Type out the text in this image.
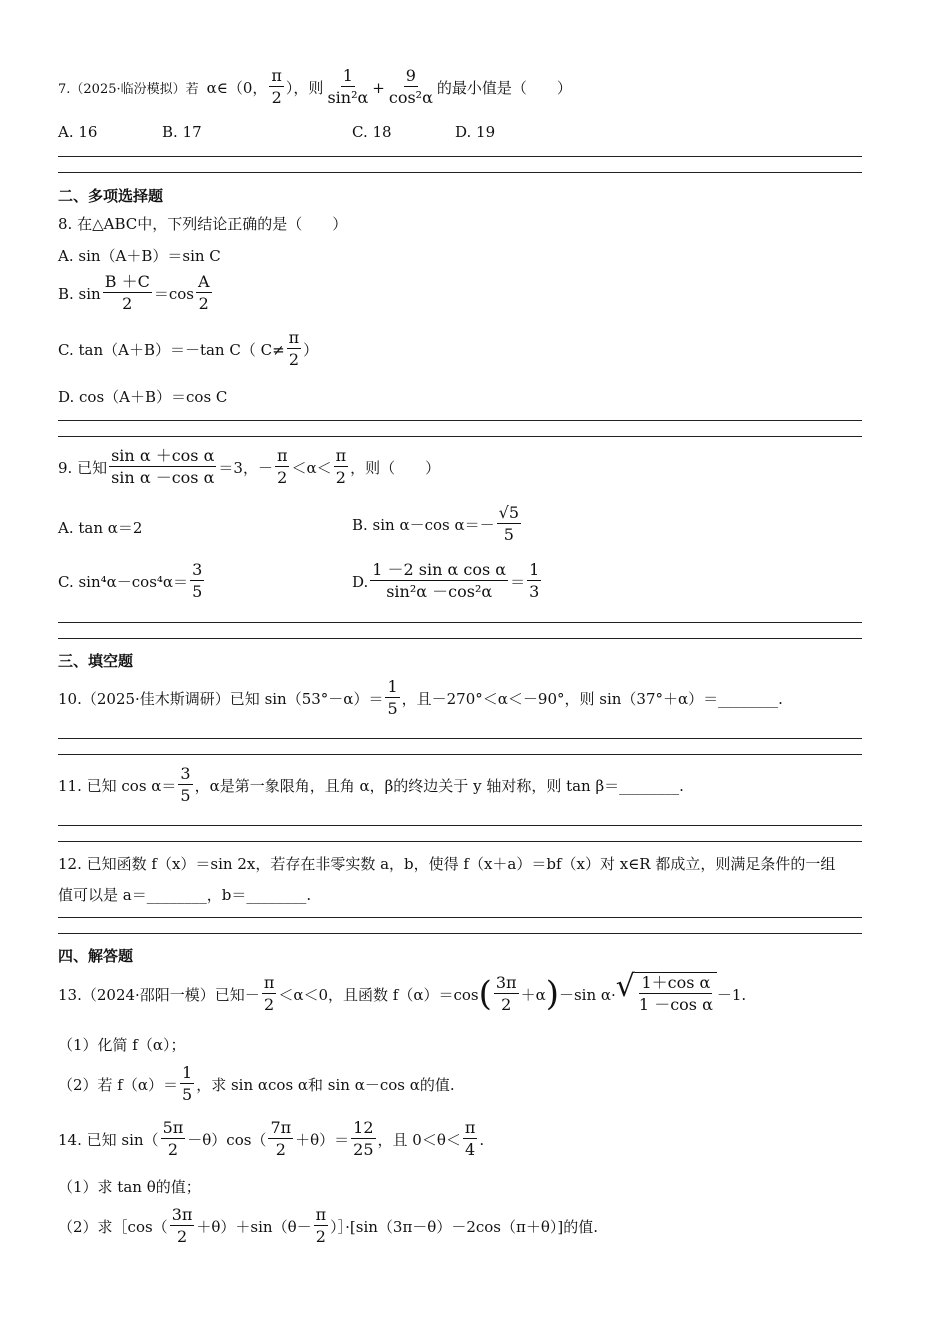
7.（2025·临汾模拟）若 α∈（0， $\frac{\pi}{2}$ ），则 $\frac{1}{\text{sin²α}} + \frac{9}{\text{cos²α}}$ 的最小值是（　　）
A. 16	B. 17	C. 18	D. 19
二、多项选择题
8. 在△ABC中，下列结论正确的是（　　）
A. sin（A＋B）＝sin C
B. $\sin \frac{B +C}{2} =\cos \frac{A}{2}$
C. tan（A＋B）＝－tan C（ $C\ne \frac{\pi}{2}$ ）
D. cos（A＋B）＝cos C
9. 已知 $\frac{\text{sin α ＋cos α}}{\text{sin α －cos α}} =3$，－ $\frac{\pi}{2} <\alpha< \frac{\pi}{2}$ ，则（　　）
A. tan α＝2	B. sin α－cos $\alpha=- \frac{√5}{5}$
C. $\sin^4\alpha-\cos^4\alpha= \frac{3}{5}$	D. $\frac{\text{1 －2 sin α cos α}}{\text{sin²α －cos²α}} = \frac{1}{3}$
三、填空题
10.（2025·佳木斯调研）已知 $\sin(53^\circ-\alpha)= \frac{1}{5}$ ，且－270°＜α＜－90°，则 sin（37°＋α）＝________.
11. 已知 $\cos \alpha= \frac{3}{5}$ ，α是第一象限角，且角 α，β的终边关于 y 轴对称，则 tan β＝________.
12. 已知函数 f（x）＝sin 2x，若存在非零实数 a，b，使得 f（x＋a）＝bf（x）对 x∈R 都成立，则满足条件的一组
值可以是 a＝________，b＝________.
四、解答题
13.（2024·邵阳一模）已知－ $\frac{\pi}{2} <\alpha<0$，且函数 f（α）＝cos ( $\frac{3\pi}{2} +\alpha$ ) －sin α· √ $\frac{\text{1＋cos α}}{\text{1 －cos α}} -1$.
（1）化简 f（α）；
（2）若 $f(\alpha)= \frac{1}{5}$ ，求 sin αcos α和 sin α－cos α的值.
14. 已知 $\sin( \frac{5\pi}{2} -\theta)\cos( \frac{7\pi}{2} +\theta)= \frac{12}{25}$ ，且 $0<\theta< \frac{\pi}{4}$ .
（1）求 tan θ的值；
（2）求［cos（ $\frac{3\pi}{2} +\theta)+\sin(\theta- \frac{\pi}{2}$ ）］·[sin（3π－θ）－2cos（π＋θ）]的值.
